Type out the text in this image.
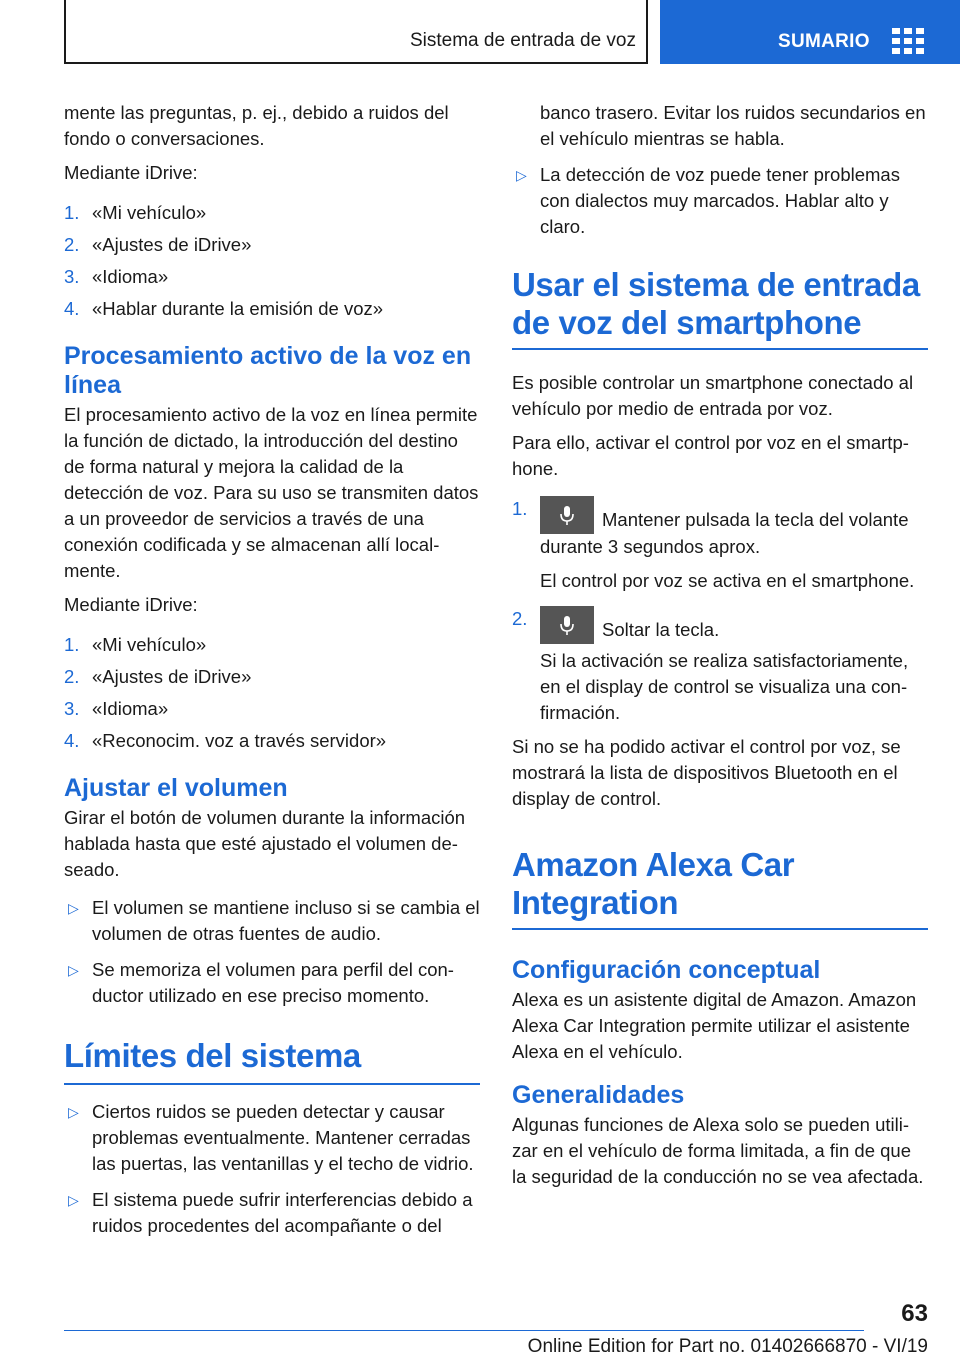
Sistema de entrada de voz	SUMARIO

mente las preguntas, p. ej., debido a ruidos del fondo o conversaciones.

Mediante iDrive:

1. «Mi vehículo»
2. «Ajustes de iDrive»
3. «Idioma»
4. «Hablar durante la emisión de voz»
Procesamiento activo de la voz en línea

El procesamiento activo de la voz en línea permite la función de dictado, la introducción del destino de forma natural y mejora la calidad de la detección de voz. Para su uso se transmiten datos a un proveedor de servicios a través de una conexión codificada y se almacenan allí localmente.

Mediante iDrive:

1. «Mi vehículo»
2. «Ajustes de iDrive»
3. «Idioma»
4. «Reconocim. voz a través servidor»
Ajustar el volumen

Girar el botón de volumen durante la información hablada hasta que esté ajustado el volumen deseado.

▷ El volumen se mantiene incluso si se cambia el volumen de otras fuentes de audio.
▷ Se memoriza el volumen para perfil del conductor utilizado en ese preciso momento.
Límites del sistema
▷ Ciertos ruidos se pueden detectar y causar problemas eventualmente. Mantener cerradas las puertas, las ventanillas y el techo de vidrio.
▷ El sistema puede sufrir interferencias debido a ruidos procedentes del acompañante o del

banco trasero. Evitar los ruidos secundarios en el vehículo mientras se habla.

▷ La detección de voz puede tener problemas con dialectos muy marcados. Hablar alto y claro.
Usar el sistema de entrada de voz del smartphone

Es posible controlar un smartphone conectado al vehículo por medio de entrada por voz.

Para ello, activar el control por voz en el smartphone.

1.
Mantener pulsada la tecla del volante durante 3 segundos aprox.
El control por voz se activa en el smartphone.
2.
Soltar la tecla.
Si la activación se realiza satisfactoriamente, en el display de control se visualiza una confirmación.

Si no se ha podido activar el control por voz, se mostrará la lista de dispositivos Bluetooth en el display de control.

Amazon Alexa Car Integration
Configuración conceptual

Alexa es un asistente digital de Amazon. Amazon Alexa Car Integration permite utilizar el asistente Alexa en el vehículo.

Generalidades

Algunas funciones de Alexa solo se pueden utilizar en el vehículo de forma limitada, a fin de que la seguridad de la conducción no se vea afectada.

63
Online Edition for Part no. 01402666870 - VI/19
